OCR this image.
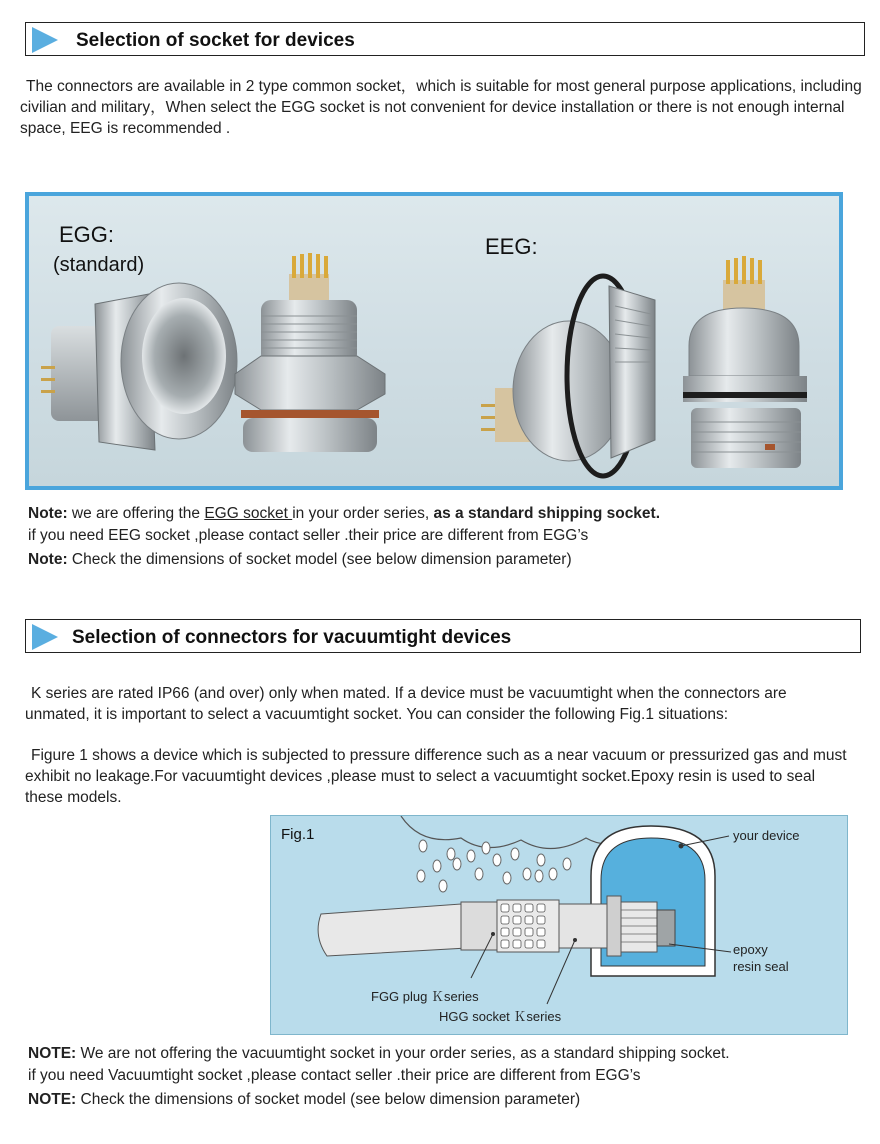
Selection of socket for devices
The connectors are available in 2 type common socket，which is suitable for most general purpose applications, including civilian and military，When select the EGG socket is not convenient for device installation or there is not enough internal space, EEG is recommended .
EGG:
(standard)
EEG:
Note: we are offering the EGG socket in your order series, as a standard shipping socket.
if you need EEG socket ,please contact seller .their price are different from EGG’s
Note: Check the dimensions of socket model (see below dimension parameter)
Selection of connectors for vacuumtight devices
K series are rated IP66 (and over) only when mated. If a device must be vacuumtight when the connectors are unmated, it is important to select a vacuumtight socket. You can consider the following Fig.1 situations:
Figure 1 shows a device which is subjected to pressure difference such as a near vacuum or pressurized gas and must exhibit no leakage.For vacuumtight devices ,please must to select a vacuumtight socket.Epoxy resin is used to seal these models.
Fig.1	your device
epoxy
resin seal
FGG plug Ｋseries
HGG socket Ｋseries
NOTE: We are not offering the vacuumtight socket in your order series, as a standard shipping socket.
if you need Vacuumtight socket ,please contact seller .their price are different from EGG’s
NOTE: Check the dimensions of socket model (see below dimension parameter)
